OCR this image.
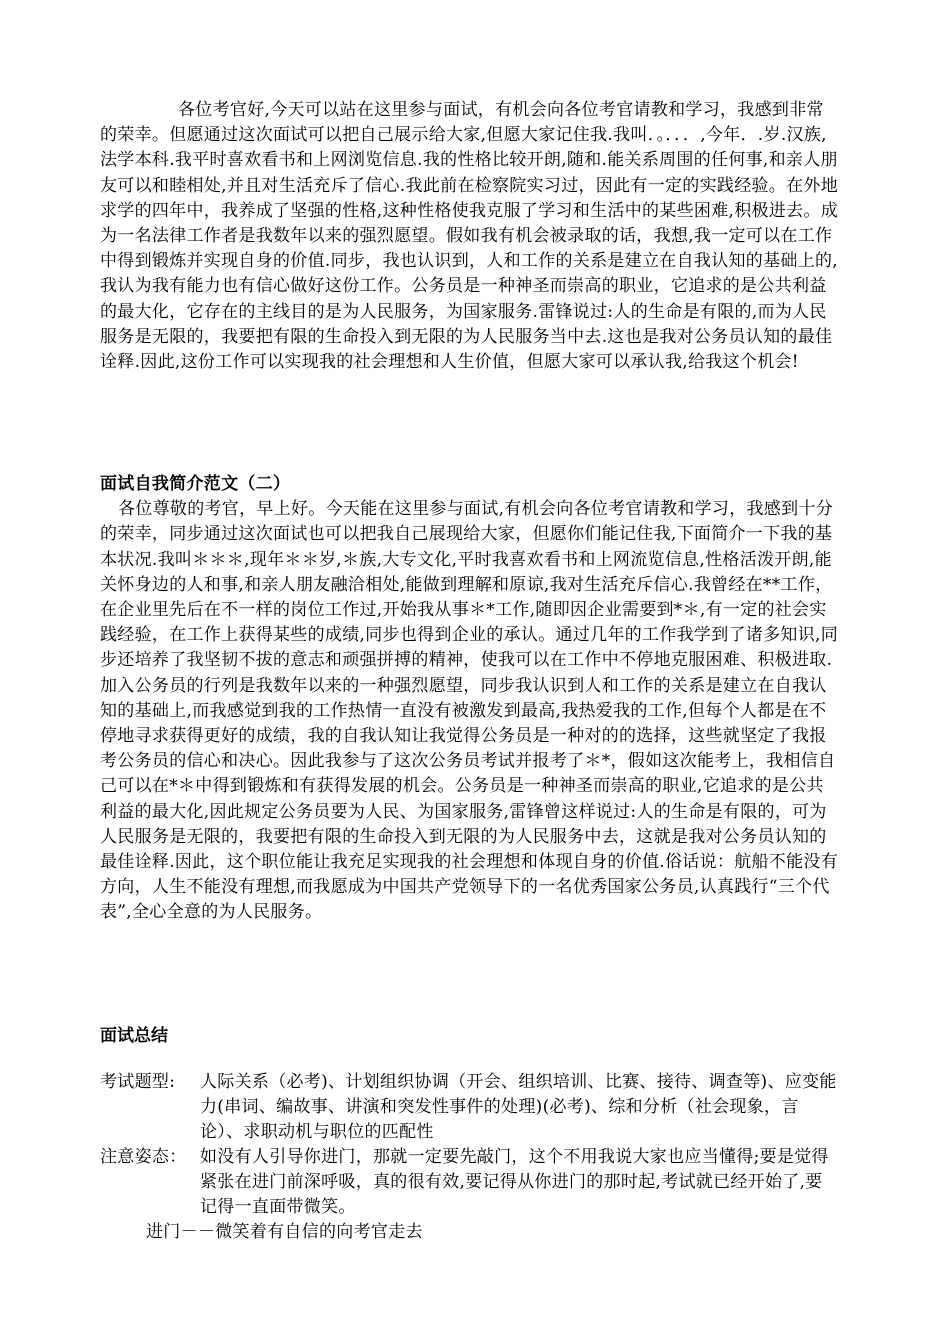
各位考官好,今天可以站在这里参与面试，有机会向各位考官请教和学习，我感到非常的荣幸。但愿通过这次面试可以把自己展示给大家,但愿大家记住我.我叫．。．．．,今年．.岁.汉族,法学本科.我平时喜欢看书和上网浏览信息.我的性格比较开朗,随和.能关系周围的任何事,和亲人朋友可以和睦相处,并且对生活充斥了信心.我此前在检察院实习过，因此有一定的实践经验。在外地求学的四年中，我养成了坚强的性格,这种性格使我克服了学习和生活中的某些困难,积极进去。成为一名法律工作者是我数年以来的强烈愿望。假如我有机会被录取的话，我想,我一定可以在工作中得到锻炼并实现自身的价值.同步，我也认识到，人和工作的关系是建立在自我认知的基础上的,我认为我有能力也有信心做好这份工作。公务员是一种神圣而崇高的职业，它追求的是公共利益的最大化，它存在的主线目的是为人民服务，为国家服务.雷锋说过:人的生命是有限的,而为人民服务是无限的，我要把有限的生命投入到无限的为人民服务当中去.这也是我对公务员认知的最佳诠释.因此,这份工作可以实现我的社会理想和人生价值，但愿大家可以承认我,给我这个机会!

面试自我简介范文（二）

各位尊敬的考官，早上好。今天能在这里参与面试,有机会向各位考官请教和学习，我感到十分的荣幸，同步通过这次面试也可以把我自己展现给大家，但愿你们能记住我,下面简介一下我的基本状况.我叫＊＊＊,现年＊＊岁,＊族,大专文化,平时我喜欢看书和上网流览信息,性格活泼开朗,能关怀身边的人和事,和亲人朋友融洽相处,能做到理解和原谅,我对生活充斥信心.我曾经在**工作，在企业里先后在不一样的岗位工作过,开始我从事＊*工作,随即因企业需要到*＊,有一定的社会实践经验，在工作上获得某些的成绩,同步也得到企业的承认。通过几年的工作我学到了诸多知识,同步还培养了我坚韧不拔的意志和顽强拼搏的精神，使我可以在工作中不停地克服困难、积极进取.加入公务员的行列是我数年以来的一种强烈愿望，同步我认识到人和工作的关系是建立在自我认知的基础上,而我感觉到我的工作热情一直没有被激发到最高,我热爱我的工作,但每个人都是在不停地寻求获得更好的成绩，我的自我认知让我觉得公务员是一种对的的选择，这些就坚定了我报考公务员的信心和决心。因此我参与了这次公务员考试并报考了＊*，假如这次能考上，我相信自己可以在*＊中得到锻炼和有获得发展的机会。公务员是一种神圣而崇高的职业,它追求的是公共利益的最大化,因此规定公务员要为人民、为国家服务,雷锋曾这样说过:人的生命是有限的，可为人民服务是无限的，我要把有限的生命投入到无限的为人民服务中去，这就是我对公务员认知的最佳诠释.因此，这个职位能让我充足实现我的社会理想和体现自身的价值.俗话说：航船不能没有方向，人生不能没有理想,而我愿成为中国共产党领导下的一名优秀国家公务员,认真践行“三个代表”,全心全意的为人民服务。

面试总结

考试题型:	人际关系（必考)、计划组织协调（开会、组织培训、比赛、接待、调查等)、应变能力(串词、编故事、讲演和突发性事件的处理)(必考)、综和分析（社会现象，言论）、求职动机与职位的匹配性

注意姿态： 如没有人引导你进门，那就一定要先敲门，这个不用我说大家也应当懂得;要是觉得紧张在进门前深呼吸，真的很有效,要记得从你进门的那时起,考试就已经开始了,要记得一直面带微笑。

进门－－微笑着有自信的向考官走去
